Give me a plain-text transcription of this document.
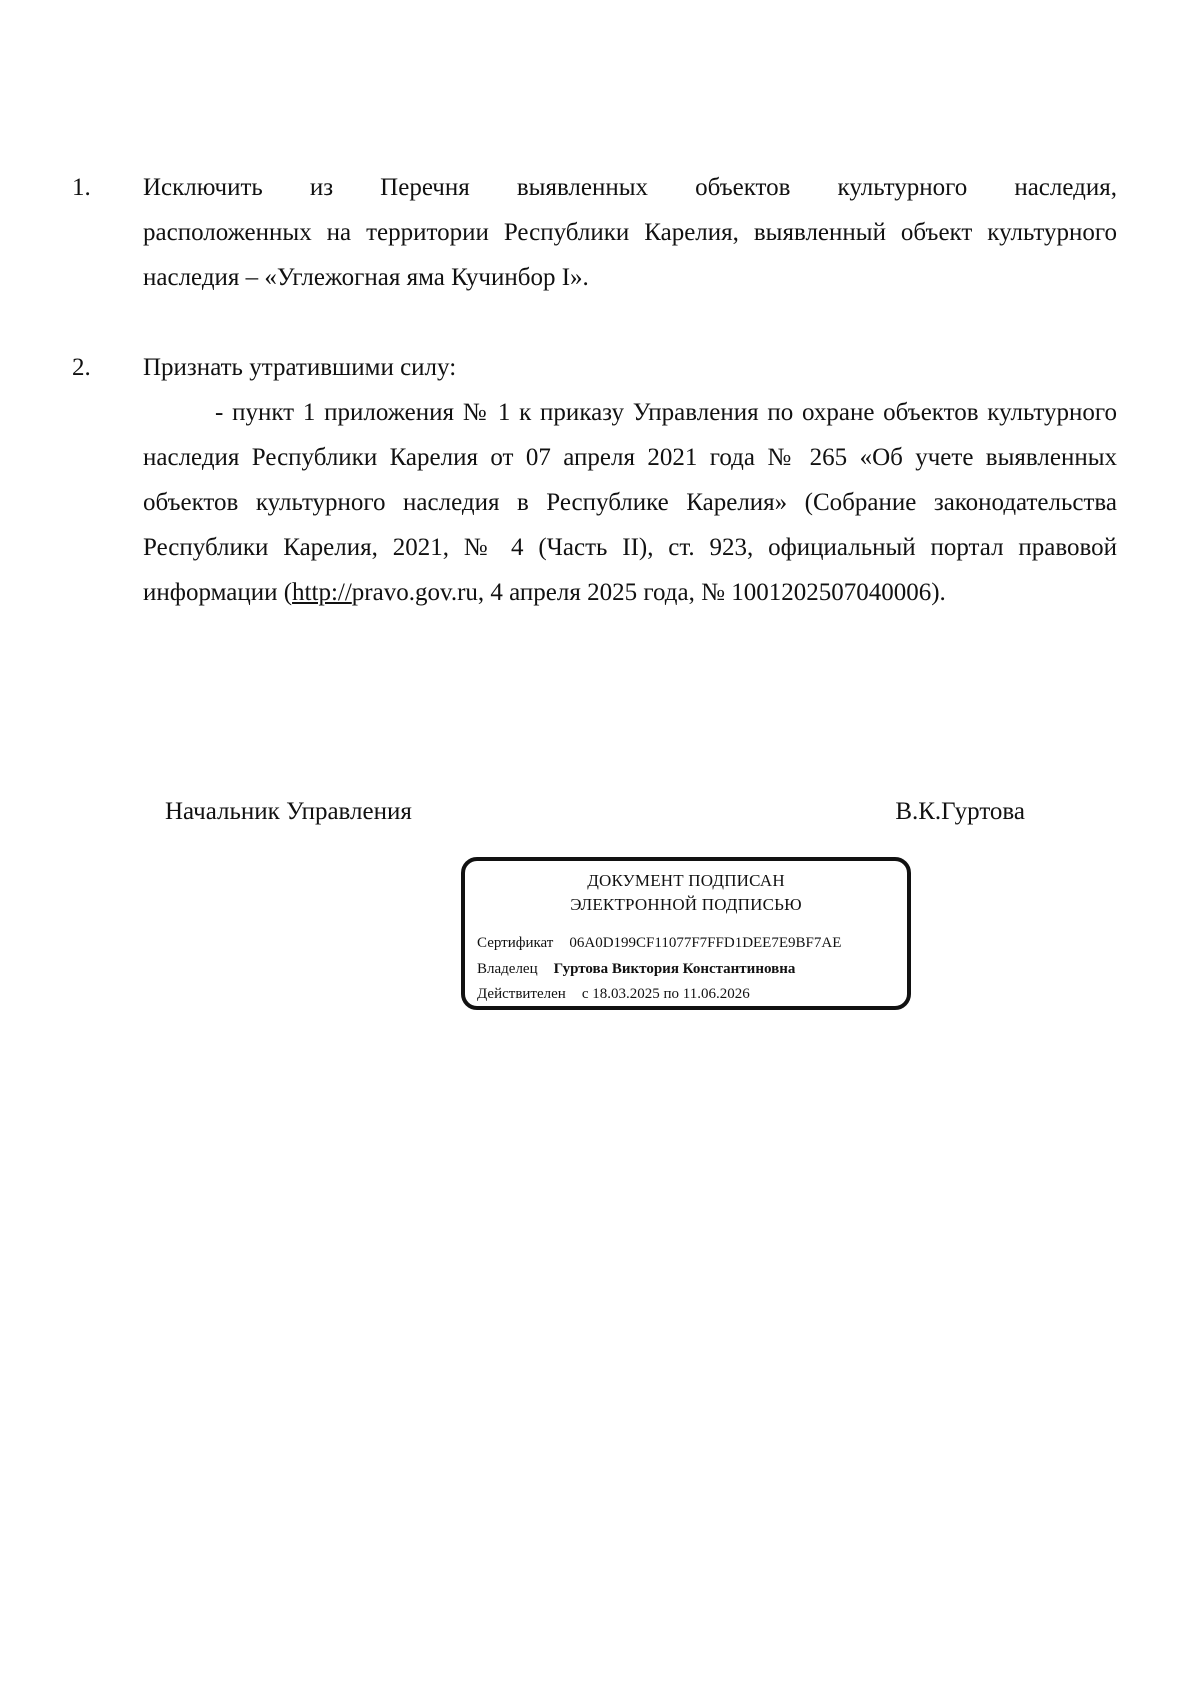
1. Исключить из Перечня выявленных объектов культурного наследия,
расположенных на территории Республики Карелия, выявленный объект культурного наследия – «Углежогная яма Кучинбор I».
2. Признать утратившими силу:
- пункт 1 приложения № 1 к приказу Управления по охране объектов культурного наследия Республики Карелия от 07 апреля 2021 года № 265 «Об учете выявленных объектов культурного наследия в Республике Карелия» (Собрание законодательства Республики Карелия, 2021, № 4 (Часть II), ст. 923, официальный портал правовой информации (http://pravo.gov.ru, 4 апреля 2025 года, № 1001202507040006).
Начальник Управления	В.К.Гуртова
ДОКУМЕНТ ПОДПИСАН
ЭЛЕКТРОННОЙ ПОДПИСЬЮ
Сертификат 06A0D199CF11077F7FFD1DEE7E9BF7AE
Владелец Гуртова Виктория Константиновна
Действителен с 18.03.2025 по 11.06.2026
